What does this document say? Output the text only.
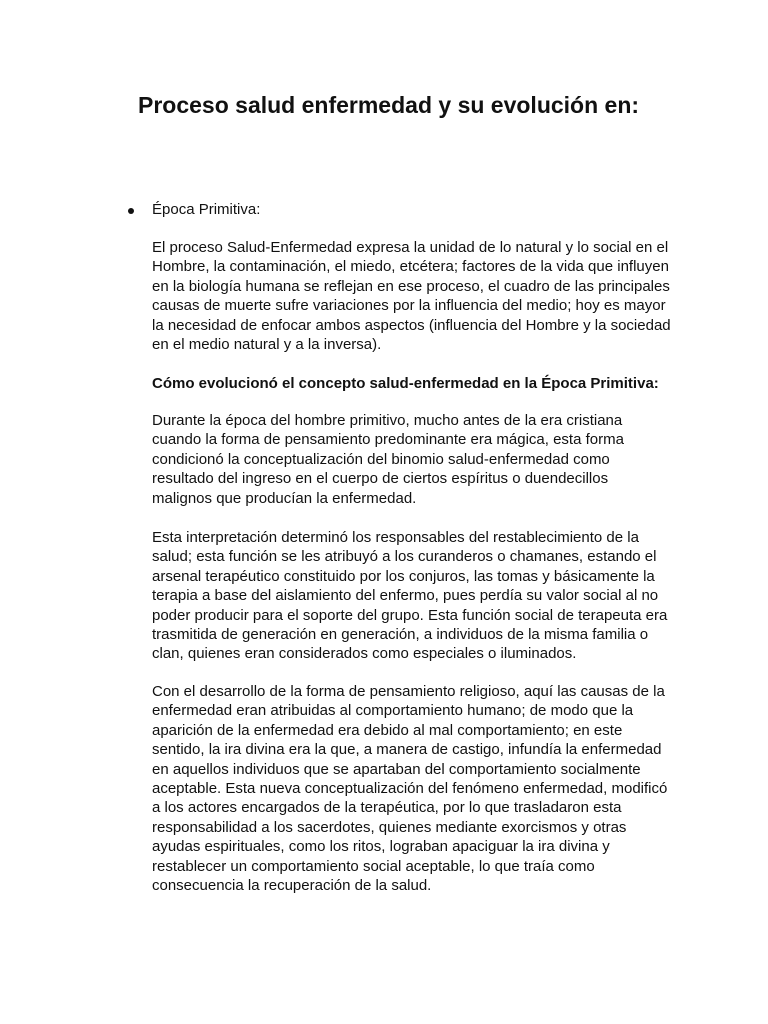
Proceso salud enfermedad y su evolución en:
Época Primitiva:

El proceso Salud-Enfermedad expresa la unidad de lo natural y lo social en el Hombre, la contaminación, el miedo, etcétera; factores de la vida que influyen en la biología humana se reflejan en ese proceso, el cuadro de las principales causas de muerte sufre variaciones por la influencia del medio; hoy es mayor la necesidad de enfocar ambos aspectos (influencia del Hombre y la sociedad en el medio natural y a la inversa).

Cómo evolucionó el concepto salud-enfermedad en la Época Primitiva:

Durante la época del hombre primitivo, mucho antes de la era cristiana cuando la forma de pensamiento predominante era mágica, esta forma condicionó la conceptualización del binomio salud-enfermedad como resultado del ingreso en el cuerpo de ciertos espíritus o duendecillos malignos que producían la enfermedad.

Esta interpretación determinó los responsables del restablecimiento de la salud; esta función se les atribuyó a los curanderos o chamanes, estando el arsenal terapéutico constituido por los conjuros, las tomas y básicamente la terapia a base del aislamiento del enfermo, pues perdía su valor social al no poder producir para el soporte del grupo. Esta función social de terapeuta era trasmitida de generación en generación, a individuos de la misma familia o clan, quienes eran considerados como especiales o iluminados.

Con el desarrollo de la forma de pensamiento religioso, aquí las causas de la enfermedad eran atribuidas al comportamiento humano; de modo que la aparición de la enfermedad era debido al mal comportamiento; en este sentido, la ira divina era la que, a manera de castigo, infundía la enfermedad en aquellos individuos que se apartaban del comportamiento socialmente aceptable. Esta nueva conceptualización del fenómeno enfermedad, modificó a los actores encargados de la terapéutica, por lo que trasladaron esta responsabilidad a los sacerdotes, quienes mediante exorcismos y otras ayudas espirituales, como los ritos, lograban apaciguar la ira divina y restablecer un comportamiento social aceptable, lo que traía como consecuencia la recuperación de la salud.
